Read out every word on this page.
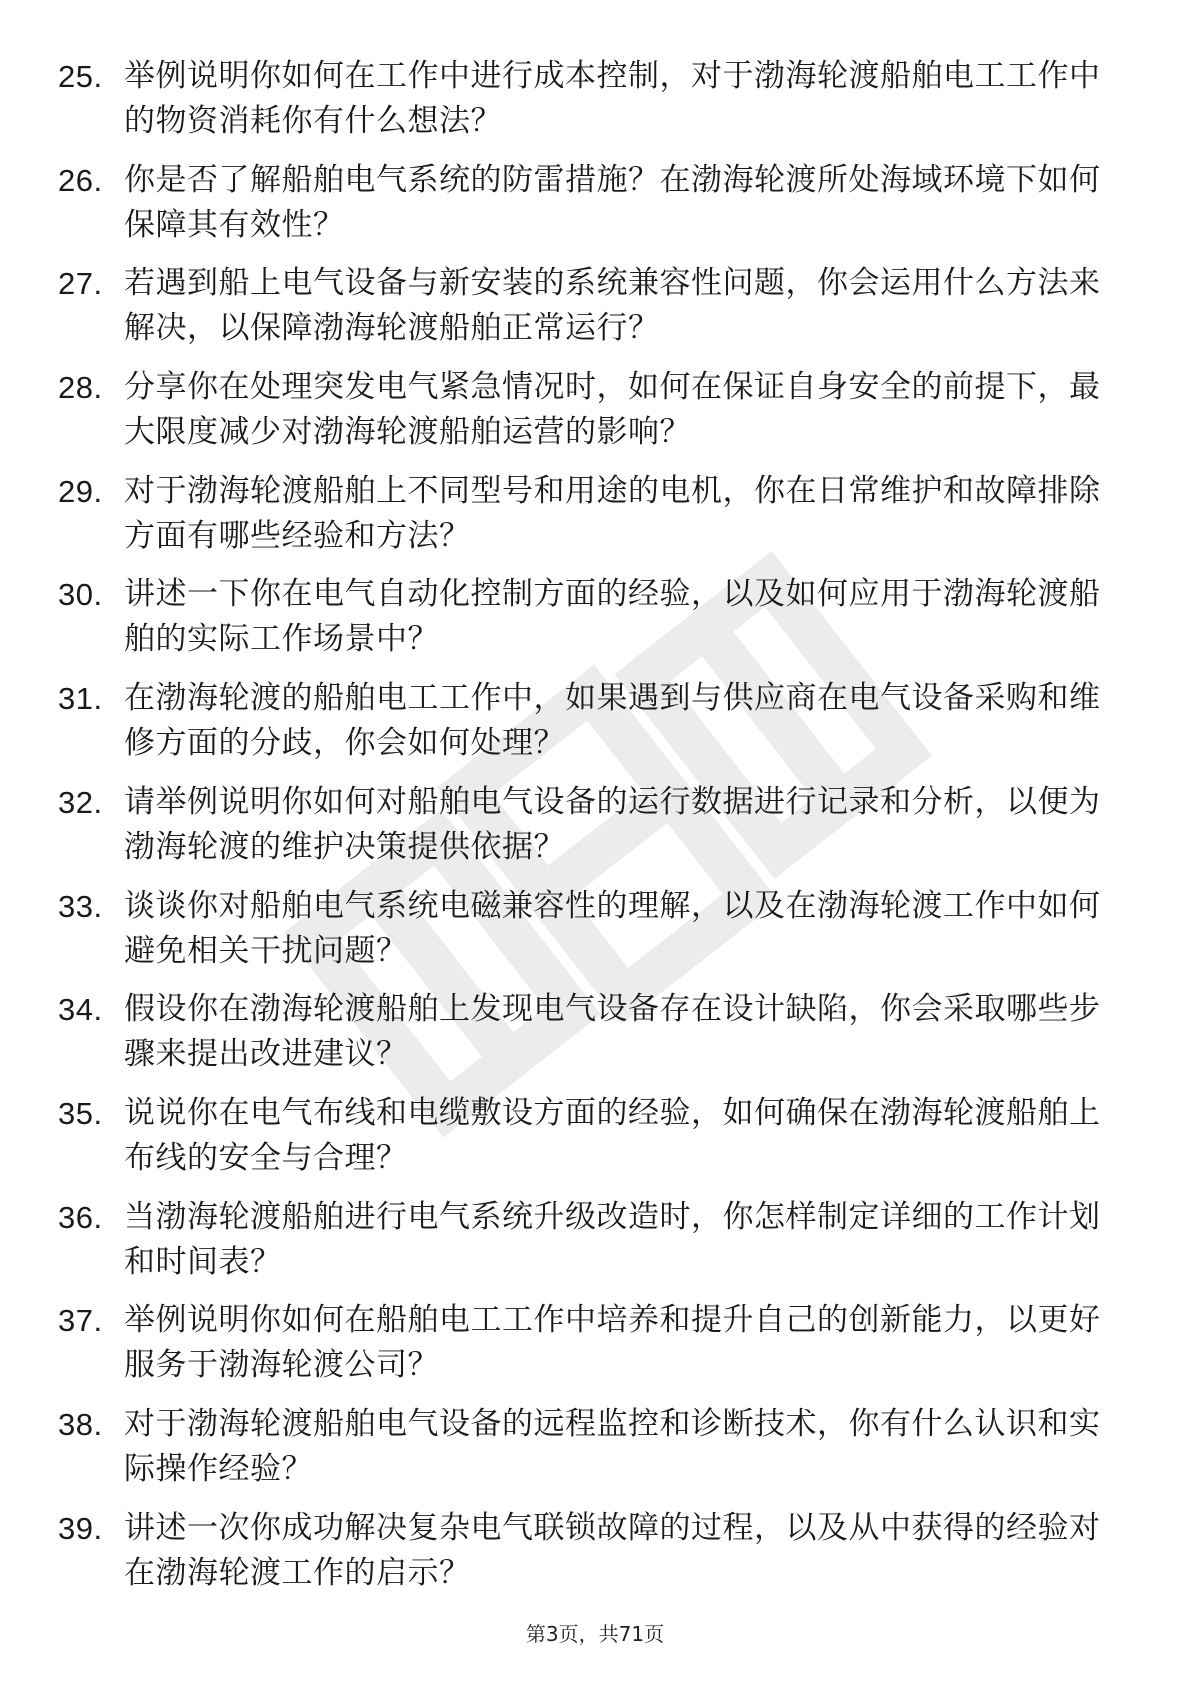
25. 举例说明你如何在工作中进行成本控制，对于渤海轮渡船舶电工工作中的物资消耗你有什么想法？
26. 你是否了解船舶电气系统的防雷措施？在渤海轮渡所处海域环境下如何保障其有效性？
27. 若遇到船上电气设备与新安装的系统兼容性问题，你会运用什么方法来解决，以保障渤海轮渡船舶正常运行？
28. 分享你在处理突发电气紧急情况时，如何在保证自身安全的前提下，最大限度减少对渤海轮渡船舶运营的影响？
29. 对于渤海轮渡船舶上不同型号和用途的电机，你在日常维护和故障排除方面有哪些经验和方法？
30. 讲述一下你在电气自动化控制方面的经验，以及如何应用于渤海轮渡船舶的实际工作场景中？
31. 在渤海轮渡的船舶电工工作中，如果遇到与供应商在电气设备采购和维修方面的分歧，你会如何处理？
32. 请举例说明你如何对船舶电气设备的运行数据进行记录和分析，以便为渤海轮渡的维护决策提供依据？
33. 谈谈你对船舶电气系统电磁兼容性的理解，以及在渤海轮渡工作中如何避免相关干扰问题？
34. 假设你在渤海轮渡船舶上发现电气设备存在设计缺陷，你会采取哪些步骤来提出改进建议？
35. 说说你在电气布线和电缆敷设方面的经验，如何确保在渤海轮渡船舶上布线的安全与合理？
36. 当渤海轮渡船舶进行电气系统升级改造时，你怎样制定详细的工作计划和时间表？
37. 举例说明你如何在船舶电工工作中培养和提升自己的创新能力，以更好服务于渤海轮渡公司？
38. 对于渤海轮渡船舶电气设备的远程监控和诊断技术，你有什么认识和实际操作经验？
39. 讲述一次你成功解决复杂电气联锁故障的过程，以及从中获得的经验对在渤海轮渡工作的启示？
第3页，共71页
